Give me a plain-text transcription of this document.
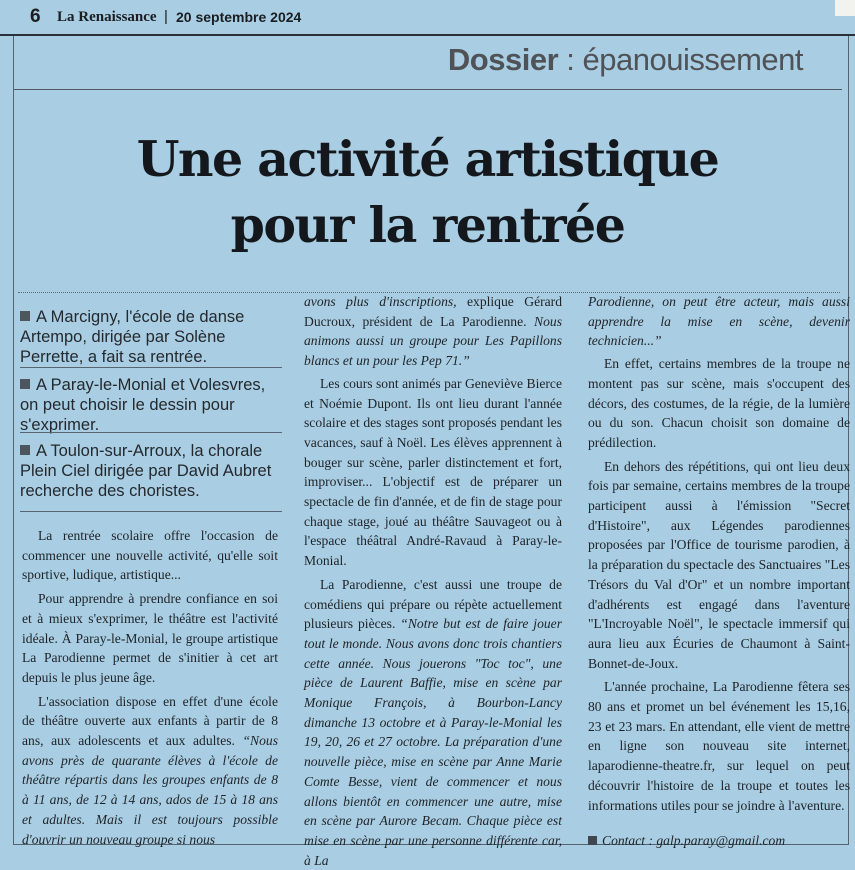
6 La Renaissance | 20 septembre 2024
Dossier : épanouissement
Une activité artistique
pour la rentrée
A Marcigny, l'école de danse Artempo, dirigée par Solène Perrette, a fait sa rentrée.
A Paray-le-Monial et Volesvres, on peut choisir le dessin pour s'exprimer.
A Toulon-sur-Arroux, la chorale Plein Ciel dirigée par David Aubret recherche des choristes.

La rentrée scolaire offre l'occasion de commencer une nouvelle activité, qu'elle soit sportive, ludique, artistique...

Pour apprendre à prendre confiance en soi et à mieux s'exprimer, le théâtre est l'activité idéale. À Paray-le-Monial, le groupe artistique La Parodienne permet de s'initier à cet art depuis le plus jeune âge.

L'association dispose en effet d'une école de théâtre ouverte aux enfants à partir de 8 ans, aux adolescents et aux adultes. “Nous avons près de quarante élèves à l'école de théâtre répartis dans les groupes enfants de 8 à 11 ans, de 12 à 14 ans, ados de 15 à 18 ans et adultes. Mais il est toujours possible d'ouvrir un nouveau groupe si nous

avons plus d'inscriptions, explique Gérard Ducroux, président de La Parodienne. Nous animons aussi un groupe pour Les Papillons blancs et un pour les Pep 71.”

Les cours sont animés par Geneviève Bierce et Noémie Dupont. Ils ont lieu durant l'année scolaire et des stages sont proposés pendant les vacances, sauf à Noël. Les élèves apprennent à bouger sur scène, parler distinctement et fort, improviser... L'objectif est de préparer un spectacle de fin d'année, et de fin de stage pour chaque stage, joué au théâtre Sauvageot ou à l'espace théâtral André-Ravaud à Paray-le-Monial.

La Parodienne, c'est aussi une troupe de comédiens qui prépare ou répète actuellement plusieurs pièces. “Notre but est de faire jouer tout le monde. Nous avons donc trois chantiers cette année. Nous jouerons "Toc toc", une pièce de Laurent Baffie, mise en scène par Monique François, à Bourbon-Lancy dimanche 13 octobre et à Paray-le-Monial les 19, 20, 26 et 27 octobre. La préparation d'une nouvelle pièce, mise en scène par Anne Marie Comte Besse, vient de commencer et nous allons bientôt en commencer une autre, mise en scène par Aurore Becam. Chaque pièce est mise en scène par une personne différente car, à La

Parodienne, on peut être acteur, mais aussi apprendre la mise en scène, devenir technicien...”

En effet, certains membres de la troupe ne montent pas sur scène, mais s'occupent des décors, des costumes, de la régie, de la lumière ou du son. Chacun choisit son domaine de prédilection.

En dehors des répétitions, qui ont lieu deux fois par semaine, certains membres de la troupe participent aussi à l'émission "Secret d'Histoire", aux Légendes parodiennes proposées par l'Office de tourisme parodien, à la préparation du spectacle des Sanctuaires "Les Trésors du Val d'Or" et un nombre important d'adhérents est engagé dans l'aventure "L'Incroyable Noël", le spectacle immersif qui aura lieu aux Écuries de Chaumont à Saint-Bonnet-de-Joux.

L'année prochaine, La Parodienne fêtera ses 80 ans et promet un bel événement les 15,16, 23 et 23 mars. En attendant, elle vient de mettre en ligne son nouveau site internet, laparodienne-theatre.fr, sur lequel on peut découvrir l'histoire de la troupe et toutes les informations utiles pour se joindre à l'aventure.

Contact : galp.paray@gmail.com
